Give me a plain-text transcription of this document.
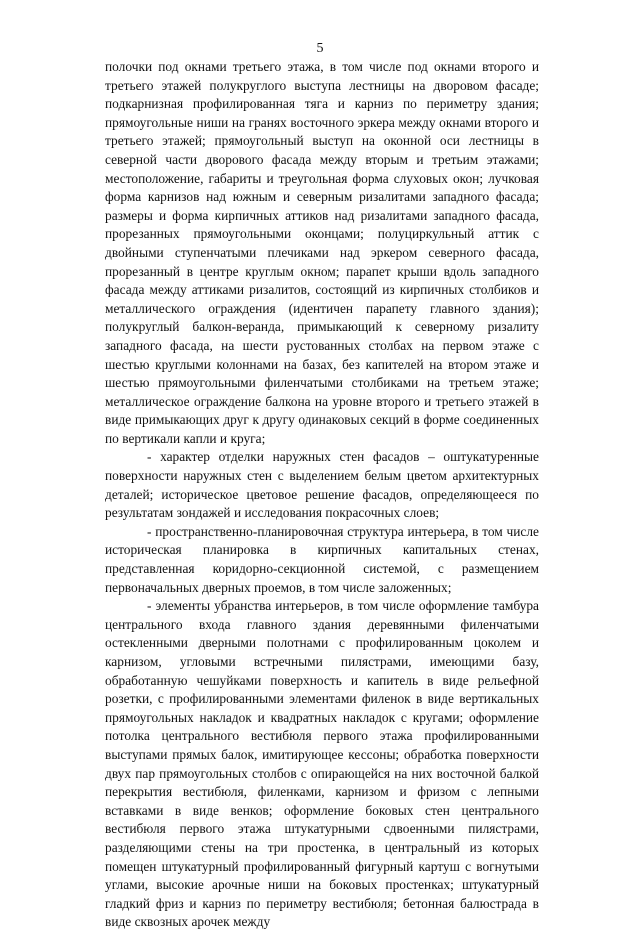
5

полочки под окнами третьего этажа, в том числе под окнами второго и третьего этажей полукруглого выступа лестницы на дворовом фасаде; подкарнизная профилированная тяга и карниз по периметру здания; прямоугольные ниши на гранях восточного эркера между окнами второго и третьего этажей; прямоугольный выступ на оконной оси лестницы в северной части дворового фасада между вторым и третьим этажами; местоположение, габариты и треугольная форма слуховых окон; лучковая форма карнизов над южным и северным ризалитами западного фасада; размеры и форма кирпичных аттиков над ризалитами западного фасада, прорезанных прямоугольными оконцами; полуциркульный аттик с двойными ступенчатыми плечиками над эркером северного фасада, прорезанный в центре круглым окном; парапет крыши вдоль западного фасада между аттиками ризалитов, состоящий из кирпичных столбиков и металлического ограждения (идентичен парапету главного здания); полукруглый балкон-веранда, примыкающий к северному ризалиту западного фасада, на шести рустованных столбах на первом этаже с шестью круглыми колоннами на базах, без капителей на втором этаже и шестью прямоугольными филенчатыми столбиками на третьем этаже; металлическое ограждение балкона на уровне второго и третьего этажей в виде примыкающих друг к другу одинаковых секций в форме соединенных по вертикали капли и круга;

- характер отделки наружных стен фасадов – оштукатуренные поверхности наружных стен с выделением белым цветом архитектурных деталей; историческое цветовое решение фасадов, определяющееся по результатам зондажей и исследования покрасочных слоев;

- пространственно-планировочная структура интерьера, в том числе историческая планировка в кирпичных капитальных стенах, представленная коридорно-секционной системой, с размещением первоначальных дверных проемов, в том числе заложенных;

- элементы убранства интерьеров, в том числе оформление тамбура центрального входа главного здания деревянными филенчатыми остекленными дверными полотнами с профилированным цоколем и карнизом, угловыми встречными пилястрами, имеющими базу, обработанную чешуйками поверхность и капитель в виде рельефной розетки, с профилированными элементами филенок в виде вертикальных прямоугольных накладок и квадратных накладок с кругами; оформление потолка центрального вестибюля первого этажа профилированными выступами прямых балок, имитирующее кессоны; обработка поверхности двух пар прямоугольных столбов с опирающейся на них восточной балкой перекрытия вестибюля, филенками, карнизом и фризом с лепными вставками в виде венков; оформление боковых стен центрального вестибюля первого этажа штукатурными сдвоенными пилястрами, разделяющими стены на три простенка, в центральный из которых помещен штукатурный профилированный фигурный картуш с вогнутыми углами, высокие арочные ниши на боковых простенках; штукатурный гладкий фриз и карниз по периметру вестибюля; бетонная балюстрада в виде сквозных арочек между
